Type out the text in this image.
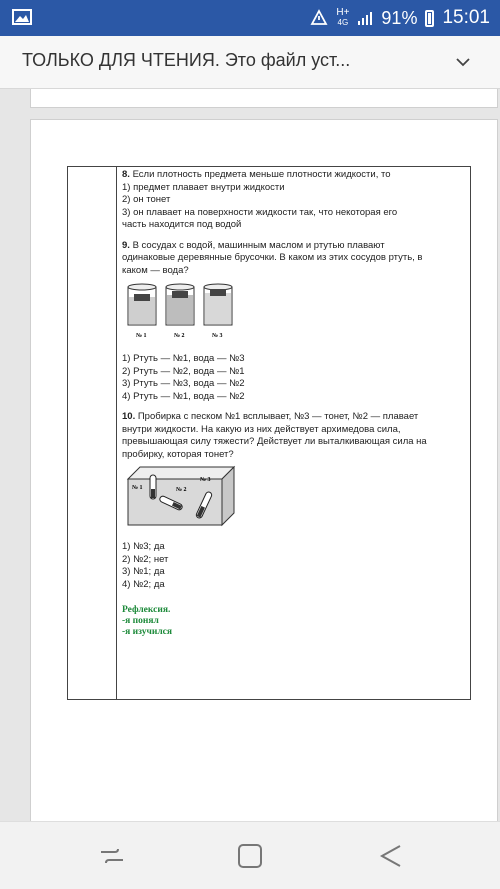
H+
4G 91% 15:01
ТОЛЬКО ДЛЯ ЧТЕНИЯ. Это файл уст...

8. Если плотность предмета меньше плотности жидкости, то

1) предмет плавает внутри жидкости

2) он тонет

3) он плавает на поверхности жидкости так, что некоторая его

часть находится под водой

9. В сосудах с водой, машинным маслом и ртутью плавают

одинаковые деревянные брусочки. В каком из этих сосудов ртуть, в

каком — вода?

№ 1	№ 2	№ 3

1) Ртуть — №1, вода — №3

2) Ртуть — №2, вода — №1

3) Ртуть — №3, вода — №2

4) Ртуть — №1, вода — №2

10. Пробирка с песком №1 всплывает, №3 — тонет, №2 — плавает

внутри жидкости. На какую из них действует архимедова сила,

превышающая силу тяжести? Действует ли выталкивающая сила на

пробирку, которая тонет?

№ 1	№ 2
№ 3

1) №3; да

2) №2; нет

3) №1; да

4) №2; да

Рефлексия.

-я понял

-я изучился
